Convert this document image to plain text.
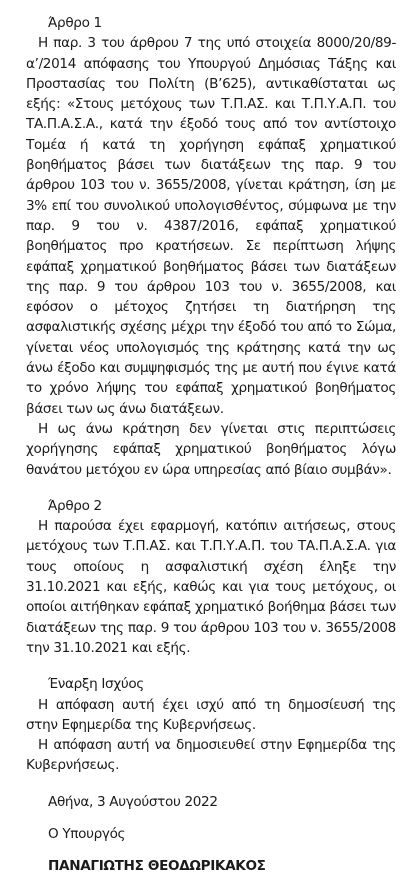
Άρθρο 1

Η παρ. 3 του άρθρου 7 της υπό στοιχεία 8000/20/89-α’/2014 απόφασης του Υπουργού Δημόσιας Τάξης και Προστασίας του Πολίτη (Β’625), αντικαθίσταται ως εξής: «Στους μετόχους των Τ.Π.ΑΣ. και Τ.Π.Υ.Α.Π. του ΤΑ.Π.Α.Σ.Α., κατά την έξοδό τους από τον αντίστοιχο Τομέα ή κατά τη χορήγηση εφάπαξ χρηματικού βοηθήματος βάσει των διατάξεων της παρ. 9 του άρθρου 103 του ν. 3655/2008, γίνεται κράτηση, ίση με 3% επί του συνολικού υπολογισθέντος, σύμφωνα με την παρ. 9 του ν. 4387/2016, εφάπαξ χρηματικού βοηθήματος προ κρατήσεων. Σε περίπτωση λήψης εφάπαξ χρηματικού βοηθήματος βάσει των διατάξεων της παρ. 9 του άρθρου 103 του ν. 3655/2008, και εφόσον ο μέτοχος ζητήσει τη διατήρηση της ασφαλιστικής σχέσης μέχρι την έξοδό του από το Σώμα, γίνεται νέος υπολογισμός της κράτησης κατά την ως άνω έξοδο και συμψηφισμός της με αυτή που έγινε κατά το χρόνο λήψης του εφάπαξ χρηματικού βοηθήματος βάσει των ως άνω διατάξεων.

Η ως άνω κράτηση δεν γίνεται στις περιπτώσεις χορήγησης εφάπαξ χρηματικού βοηθήματος λόγω θανάτου μετόχου εν ώρα υπηρεσίας από βίαιο συμβάν».

Άρθρο 2

Η παρούσα έχει εφαρμογή, κατόπιν αιτήσεως, στους μετόχους των Τ.Π.ΑΣ. και Τ.Π.Υ.Α.Π. του ΤΑ.Π.Α.Σ.Α. για τους οποίους η ασφαλιστική σχέση έληξε την 31.10.2021 και εξής, καθώς και για τους μετόχους, οι οποίοι αιτήθηκαν εφάπαξ χρηματικό βοήθημα βάσει των διατάξεων της παρ. 9 του άρθρου 103 του ν. 3655/2008 την 31.10.2021 και εξής.

Έναρξη Ισχύος

Η απόφαση αυτή έχει ισχύ από τη δημοσίευσή της στην Εφημερίδα της Κυβερνήσεως.

Η απόφαση αυτή να δημοσιευθεί στην Εφημερίδα της Κυβερνήσεως.

Αθήνα, 3 Αυγούστου 2022

Ο Υπουργός

ΠΑΝΑΓΙΩΤΗΣ ΘΕΟΔΩΡΙΚΑΚΟΣ
